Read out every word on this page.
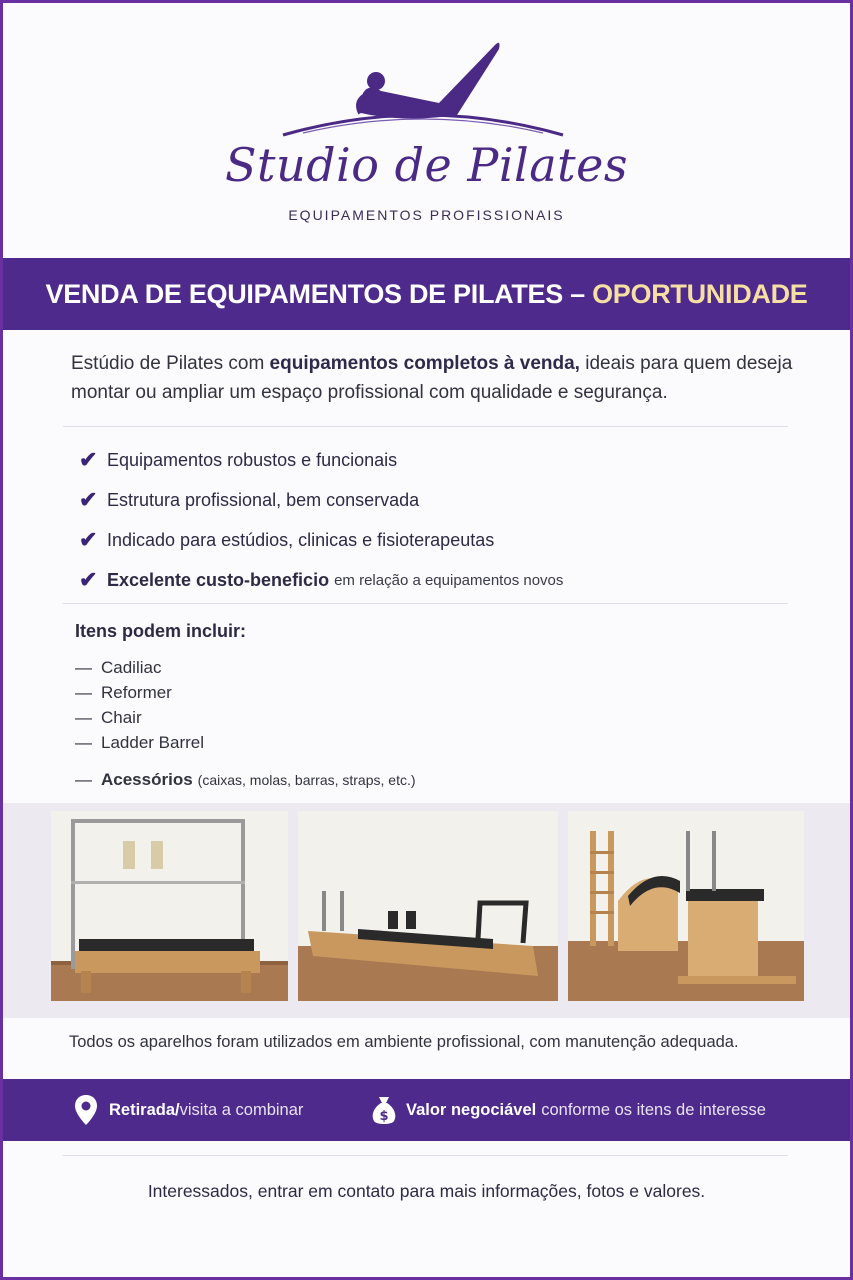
Studio de Pilates
EQUIPAMENTOS PROFISSIONAIS
VENDA DE EQUIPAMENTOS DE PILATES – OPORTUNIDADE
Estúdio de Pilates com equipamentos completos à venda, ideais para quem deseja montar ou ampliar um espaço profissional com qualidade e segurança.
✔ Equipamentos robustos e funcionais
✔ Estrutura profissional, bem conservada
✔ Indicado para estúdios, clinicas e fisioterapeutas
✔ Excelente custo-beneficio em relação a equipamentos novos
Itens podem incluir:
— Cadiliac
— Reformer
— Chair
— Ladder Barrel
— Acessórios (caixas, molas, barras, straps, etc.)
Todos os aparelhos foram utilizados em ambiente profissional, com manutenção adequada.
Retirada/ visita a combinar	$ Valor negociável conforme os itens de interesse
Interessados, entrar em contato para mais informações, fotos e valores.
